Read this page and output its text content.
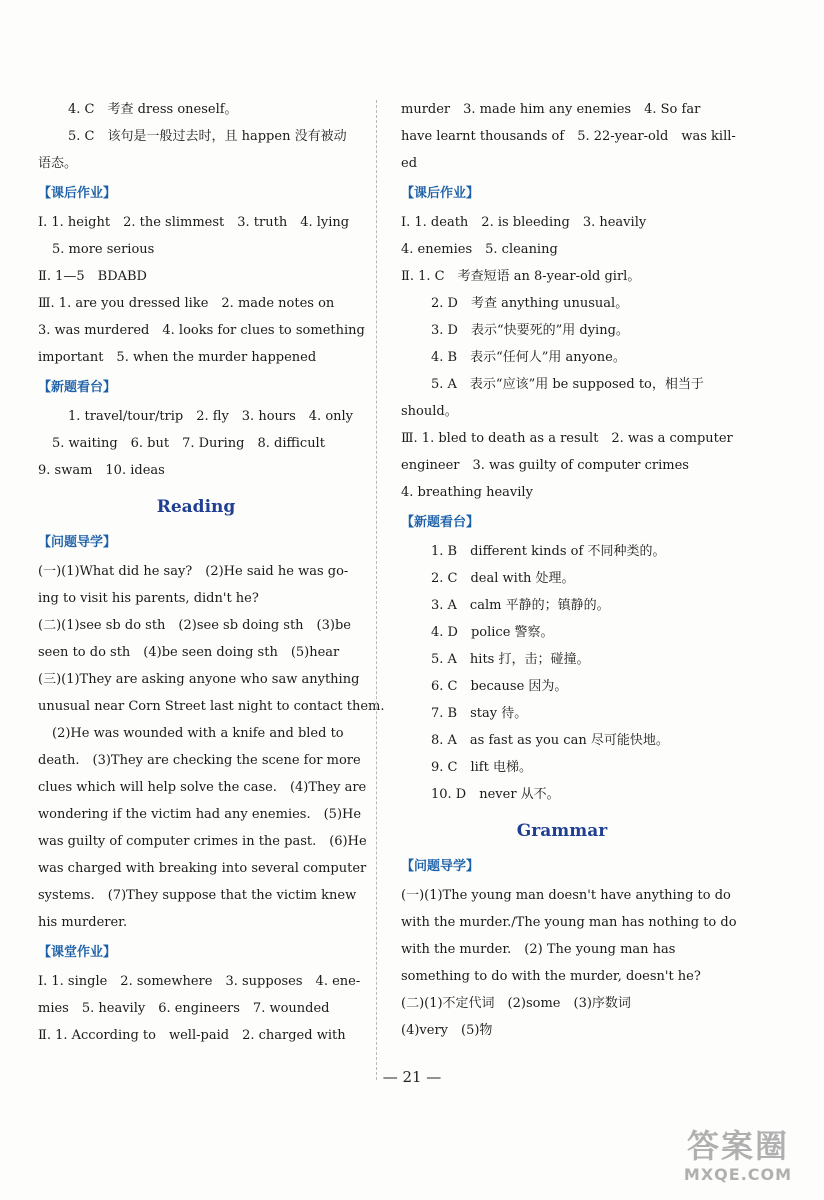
4. C　考查 dress oneself。
5. C　该句是一般过去时，且 happen 没有被动
语态。
【课后作业】
Ⅰ. 1. height　2. the slimmest　3. truth　4. lying
5. more serious
Ⅱ. 1—5　BDABD
Ⅲ. 1. are you dressed like　2. made notes on
3. was murdered　4. looks for clues to something
important　5. when the murder happened
【新题看台】
1. travel/tour/trip　2. fly　3. hours　4. only
5. waiting　6. but　7. During　8. difficult
9. swam　10. ideas
Reading
【问题导学】
(一)(1)What did he say?　(2)He said he was go-
ing to visit his parents, didn't he?
(二)(1)see sb do sth　(2)see sb doing sth　(3)be
seen to do sth　(4)be seen doing sth　(5)hear
(三)(1)They are asking anyone who saw anything
unusual near Corn Street last night to contact them.
(2)He was wounded with a knife and bled to
death.　(3)They are checking the scene for more
clues which will help solve the case.　(4)They are
wondering if the victim had any enemies.　(5)He
was guilty of computer crimes in the past.　(6)He
was charged with breaking into several computer
systems.　(7)They suppose that the victim knew
his murderer.
【课堂作业】
Ⅰ. 1. single　2. somewhere　3. supposes　4. ene-
mies　5. heavily　6. engineers　7. wounded
Ⅱ. 1. According to　well-paid　2. charged with
murder　3. made him any enemies　4. So far
have learnt thousands of　5. 22-year-old　was kill-
ed
【课后作业】
Ⅰ. 1. death　2. is bleeding　3. heavily
4. enemies　5. cleaning
Ⅱ. 1. C　考查短语 an 8-year-old girl。
2. D　考查 anything unusual。
3. D　表示“快要死的”用 dying。
4. B　表示“任何人”用 anyone。
5. A　表示“应该”用 be supposed to，相当于
should。
Ⅲ. 1. bled to death as a result　2. was a computer
engineer　3. was guilty of computer crimes
4. breathing heavily
【新题看台】
1. B　different kinds of 不同种类的。
2. C　deal with 处理。
3. A　calm 平静的；镇静的。
4. D　police 警察。
5. A　hits 打，击；碰撞。
6. C　because 因为。
7. B　stay 待。
8. A　as fast as you can 尽可能快地。
9. C　lift 电梯。
10. D　never 从不。
Grammar
【问题导学】
(一)(1)The young man doesn't have anything to do
with the murder./The young man has nothing to do
with the murder.　(2) The young man has
something to do with the murder, doesn't he?
(二)(1)不定代词　(2)some　(3)序数词
(4)very　(5)物
— 21 —
答案圈
MXQE.COM
